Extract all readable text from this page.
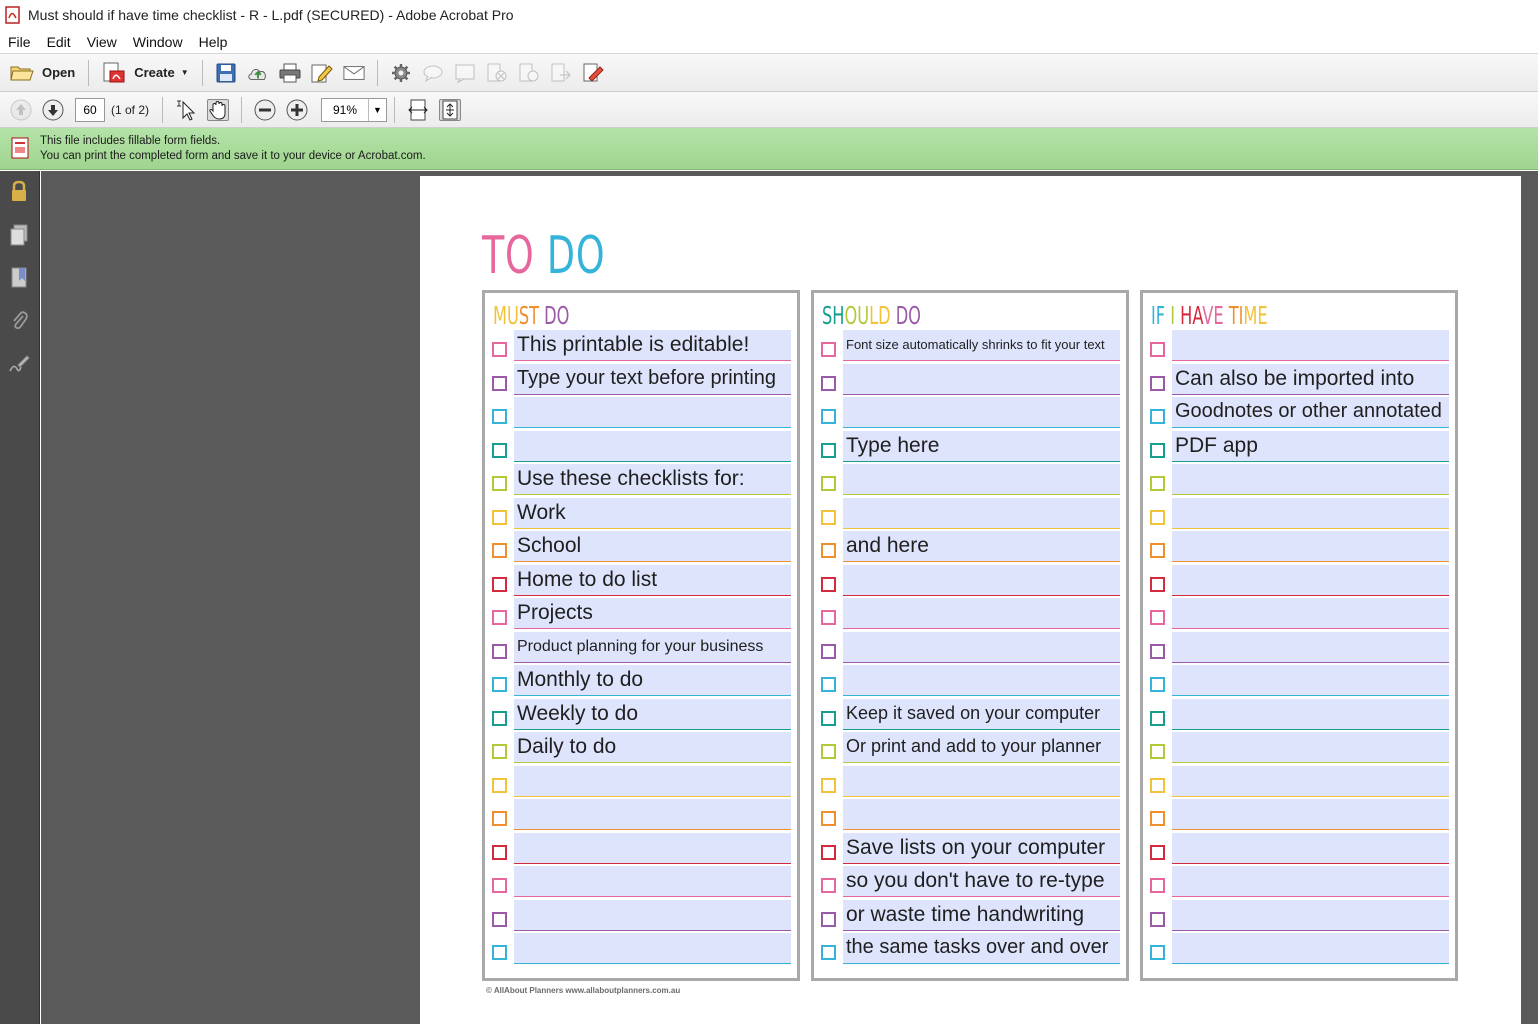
Must should if have time checklist - R - L.pdf (SECURED) - Adobe Acrobat Pro
File	Edit	View	Window	Help
Open	Create ▼
60	(1 of 2)	91%	▼
This file includes fillable form fields.
You can print the completed form and save it to your device or Acrobat.com.
TO DO
MUST DO
This printable is editable!
Type your text before printing
Use these checklists for:
Work
School
Home to do list
Projects
Product planning for your business
Monthly to do
Weekly to do
Daily to do
SHOULD DO
Font size automatically shrinks to fit your text
Type here
and here
Keep it saved on your computer
Or print and add to your planner
Save lists on your computer
so you don't have to re-type
or waste time handwriting
the same tasks over and over
IF I HAVE TIME
Can also be imported into
Goodnotes or other annotated
PDF app
© AllAbout Planners www.allaboutplanners.com.au
